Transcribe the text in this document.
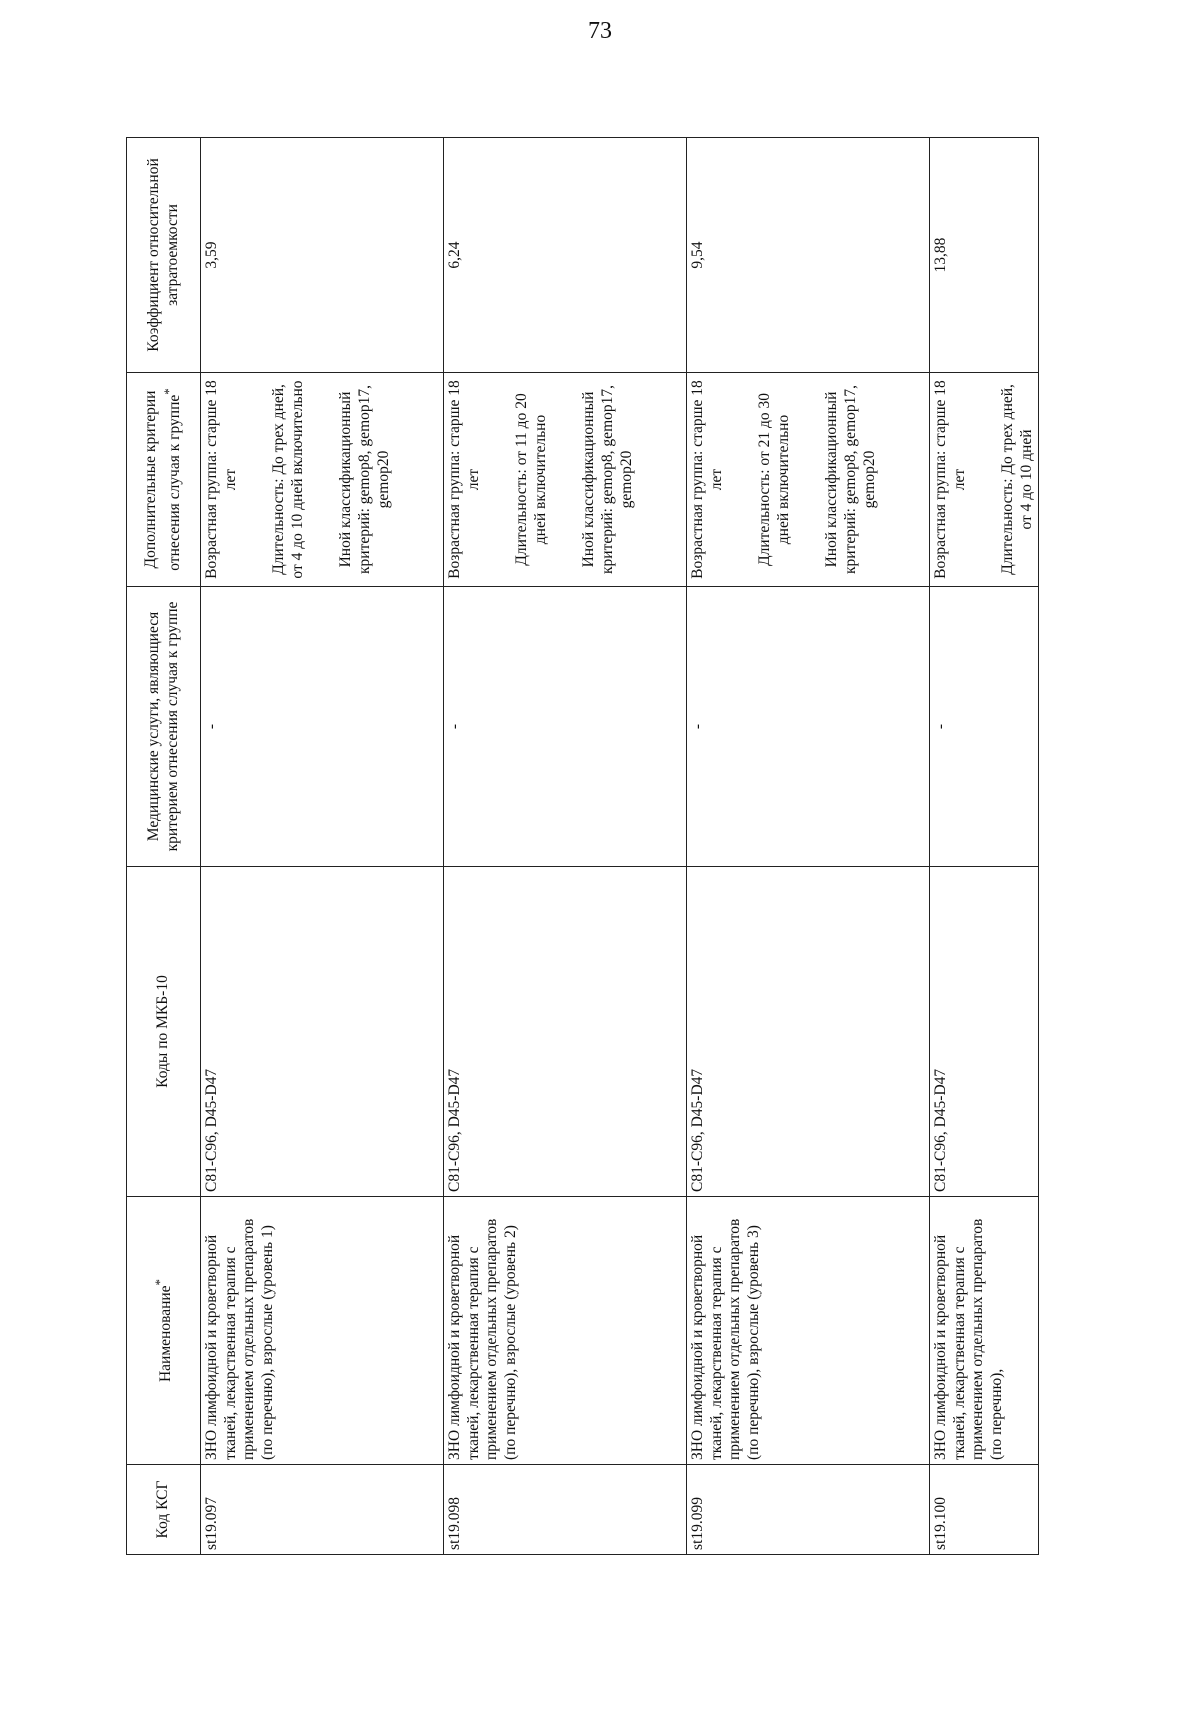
73
Код КСГ	Наименование*	Коды по МКБ-10	Медицинские услуги, являющиеся критерием отнесения случая к группе	Дополнительные критерии отнесения случая к группе*	Коэффициент относительной затратоемкости
st19.097	ЗНО лимфоидной и кроветворной тканей, лекарственная терапия с применением отдельных препаратов (по перечню), взрослые (уровень 1)	C81-C96, D45-D47	-	Возрастная группа: старше 18 лет Длительность: До трех дней, от 4 до 10 дней включительно Иной классификационный критерий: gemop8, gemop17, gemop20	3,59
st19.098	ЗНО лимфоидной и кроветворной тканей, лекарственная терапия с применением отдельных препаратов (по перечню), взрослые (уровень 2)	C81-C96, D45-D47	-	Возрастная группа: старше 18 лет Длительность: от 11 до 20 дней включительно Иной классификационный критерий: gemop8, gemop17, gemop20	6,24
st19.099	ЗНО лимфоидной и кроветворной тканей, лекарственная терапия с применением отдельных препаратов (по перечню), взрослые (уровень 3)	C81-C96, D45-D47	-	Возрастная группа: старше 18 лет Длительность: от 21 до 30 дней включительно Иной классификационный критерий: gemop8, gemop17, gemop20	9,54
st19.100	ЗНО лимфоидной и кроветворной тканей, лекарственная терапия с применением отдельных препаратов (по перечню),	C81-C96, D45-D47	-	Возрастная группа: старше 18 лет Длительность: До трех дней, от 4 до 10 дней	13,88
